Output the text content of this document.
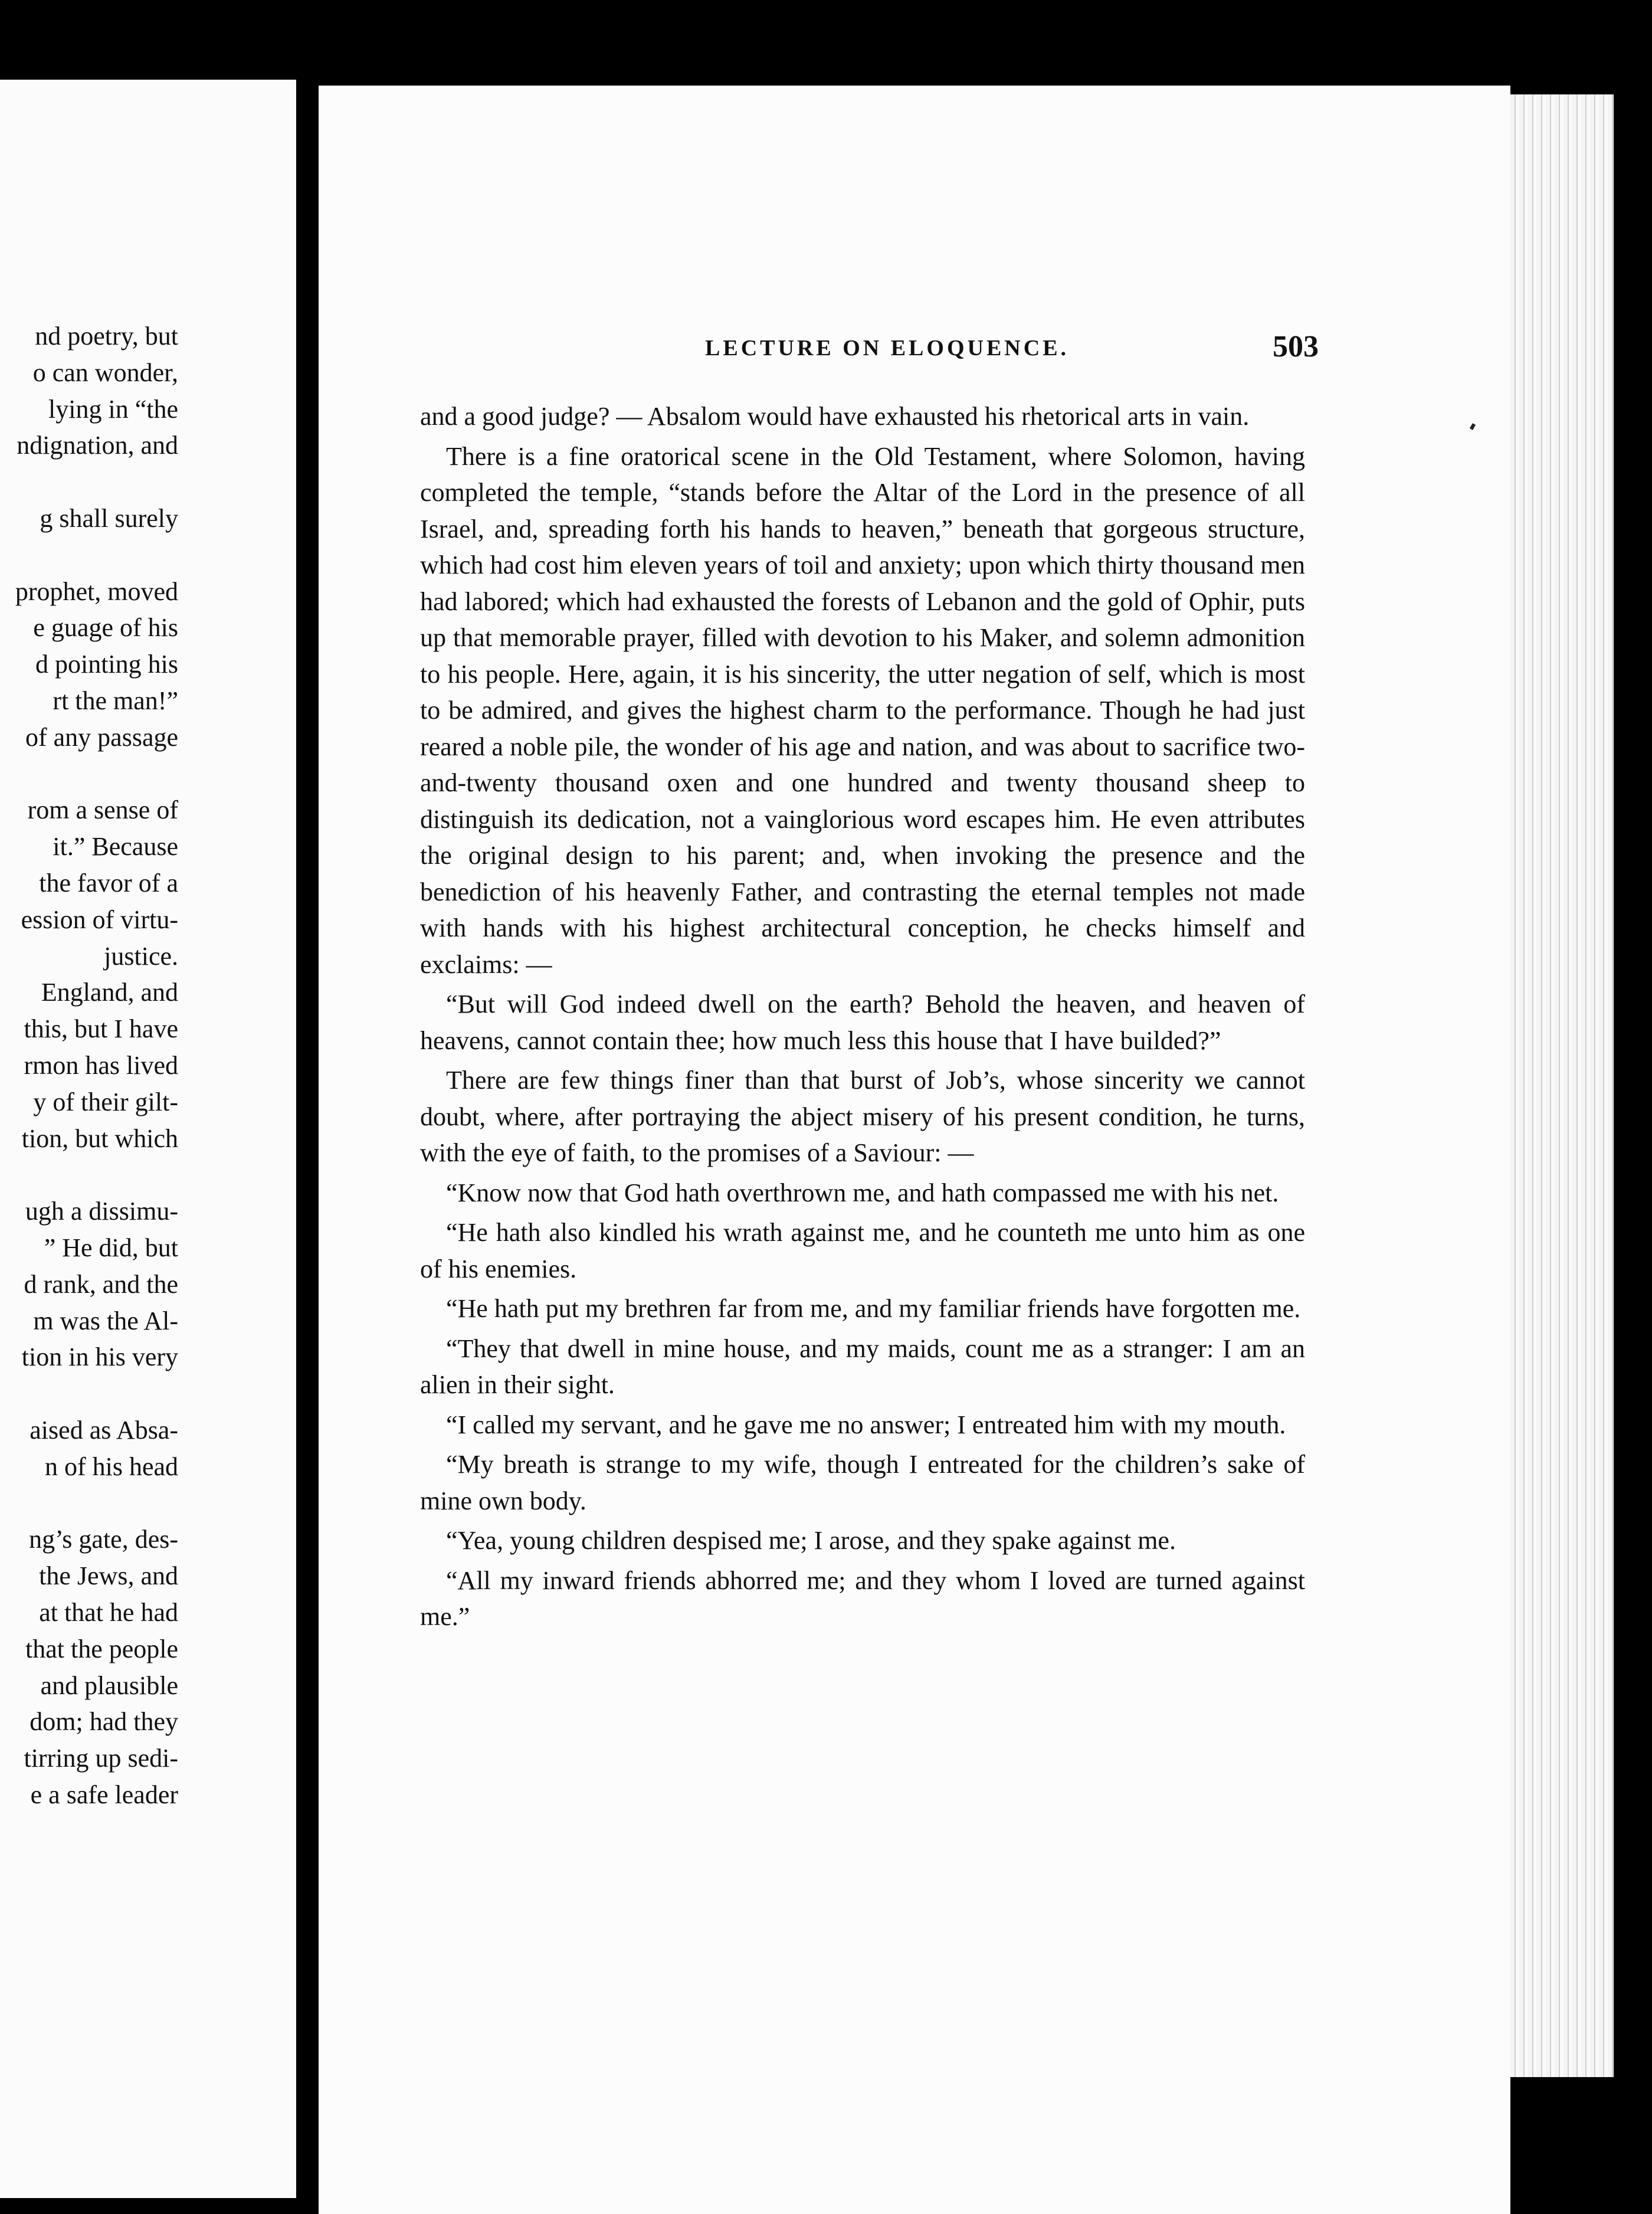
nd poetry, but
o can wonder,
lying in “the
ndignation, and
g shall surely
prophet, moved
e guage of his
d pointing his
rt the man!”
of any passage
rom a sense of
it.” Because
the favor of a
ession of virtu-
justice.
England, and
this, but I have
rmon has lived
y of their gilt-
tion, but which
ugh a dissimu-
” He did, but
d rank, and the
m was the Al-
tion in his very
aised as Absa-
n of his head
ng’s gate, des-
the Jews, and
at that he had
that the people
and plausible
dom; had they
tirring up sedi-
e a safe leader
LECTURE ON ELOQUENCE.	503

and a good judge? — Absalom would have exhausted his rhetorical arts in vain.

There is a fine oratorical scene in the Old Testament, where Solomon, having completed the temple, “stands before the Altar of the Lord in the presence of all Israel, and, spreading forth his hands to heaven,” beneath that gorgeous structure, which had cost him eleven years of toil and anxiety; upon which thirty thousand men had labored; which had exhausted the forests of Lebanon and the gold of Ophir, puts up that memorable prayer, filled with devotion to his Maker, and solemn admonition to his people. Here, again, it is his sincerity, the utter negation of self, which is most to be admired, and gives the highest charm to the performance. Though he had just reared a noble pile, the wonder of his age and nation, and was about to sacrifice two-and-twenty thousand oxen and one hundred and twenty thousand sheep to distinguish its dedication, not a vainglorious word escapes him. He even attributes the original design to his parent; and, when invoking the presence and the benediction of his heavenly Father, and contrasting the eternal temples not made with hands with his highest architectural conception, he checks himself and exclaims: —

“But will God indeed dwell on the earth? Behold the heaven, and heaven of heavens, cannot contain thee; how much less this house that I have builded?”

There are few things finer than that burst of Job’s, whose sincerity we cannot doubt, where, after portraying the abject misery of his present condition, he turns, with the eye of faith, to the promises of a Saviour: —

“Know now that God hath overthrown me, and hath compassed me with his net.

“He hath also kindled his wrath against me, and he counteth me unto him as one of his enemies.

“He hath put my brethren far from me, and my familiar friends have forgotten me.

“They that dwell in mine house, and my maids, count me as a stranger: I am an alien in their sight.

“I called my servant, and he gave me no answer; I entreated him with my mouth.

“My breath is strange to my wife, though I entreated for the children’s sake of mine own body.

“Yea, young children despised me; I arose, and they spake against me.

“All my inward friends abhorred me; and they whom I loved are turned against me.”
